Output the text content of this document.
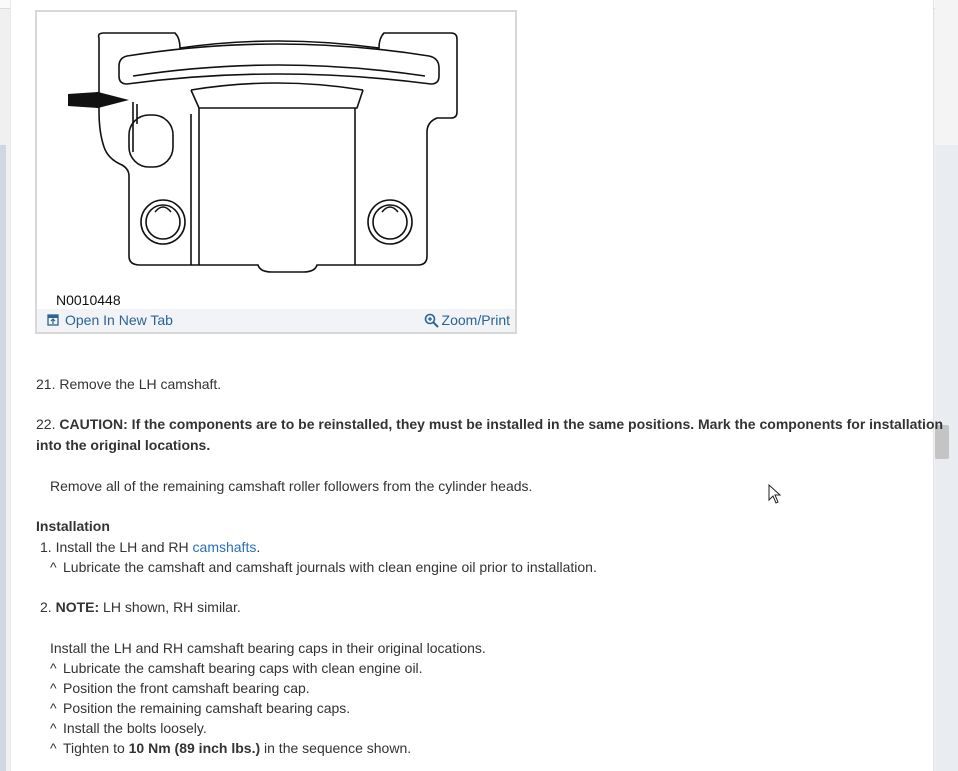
N0010448
Open In New Tab	Zoom/Print
21. Remove the LH camshaft.
22. CAUTION: If the components are to be reinstalled, they must be installed in the same positions. Mark the components for installation
into the original locations.
Remove all of the remaining camshaft roller followers from the cylinder heads.
Installation
1. Install the LH and RH camshafts.
^ Lubricate the camshaft and camshaft journals with clean engine oil prior to installation.
2. NOTE: LH shown, RH similar.
Install the LH and RH camshaft bearing caps in their original locations.
^ Lubricate the camshaft bearing caps with clean engine oil.
^ Position the front camshaft bearing cap.
^ Position the remaining camshaft bearing caps.
^ Install the bolts loosely.
^ Tighten to 10 Nm (89 inch lbs.) in the sequence shown.
